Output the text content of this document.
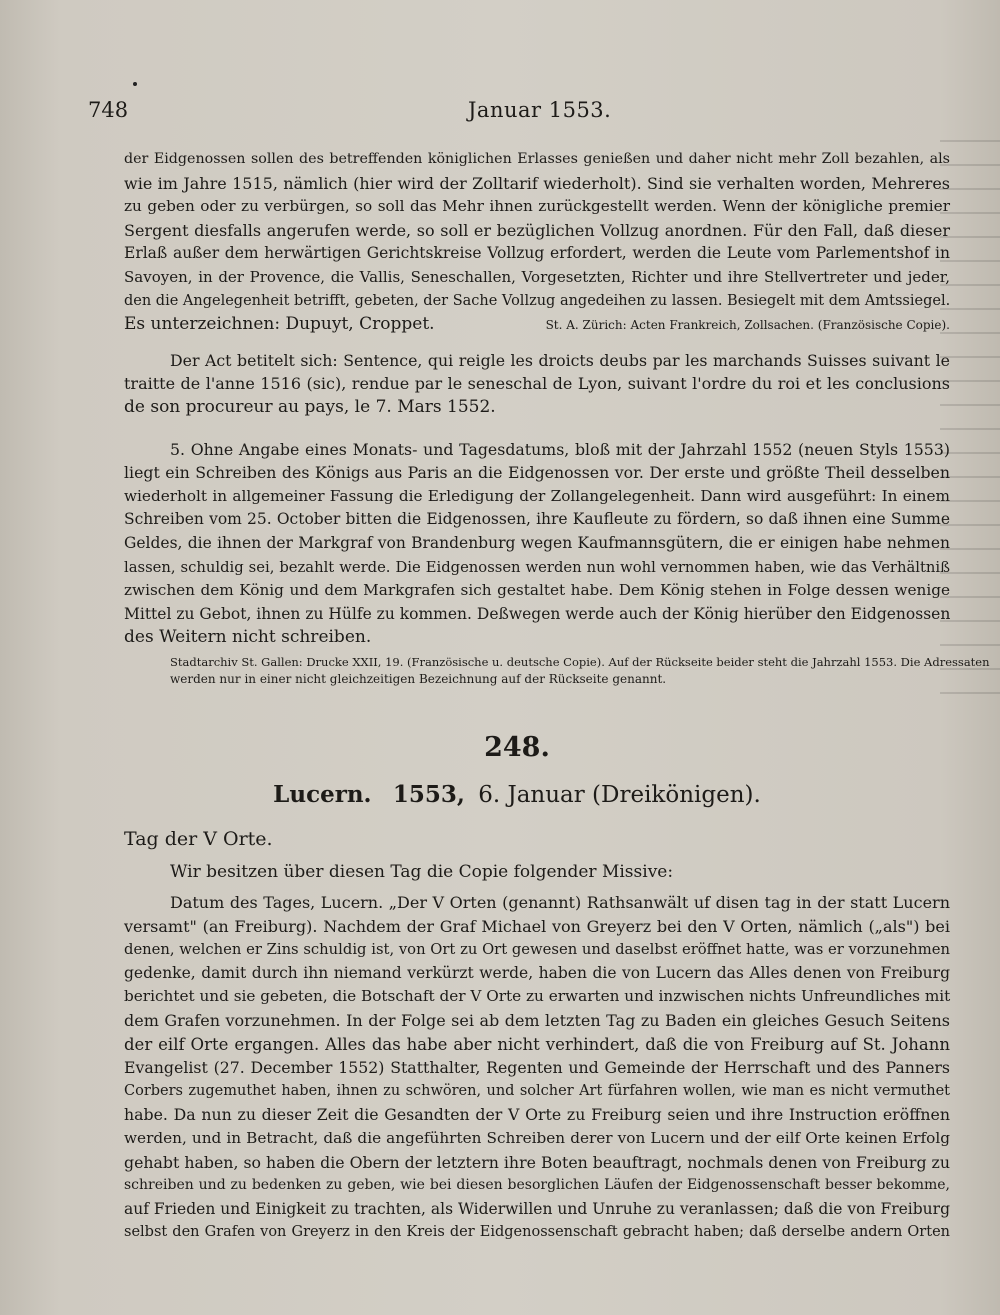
748	Januar 1553.
der Eidgenossen sollen des betreffenden königlichen Erlasses genießen und daher nicht mehr Zoll bezahlen, als
wie im Jahre 1515, nämlich (hier wird der Zolltarif wiederholt). Sind sie verhalten worden, Mehreres
zu geben oder zu verbürgen, so soll das Mehr ihnen zurückgestellt werden. Wenn der königliche premier
Sergent diesfalls angerufen werde, so soll er bezüglichen Vollzug anordnen. Für den Fall, daß dieser
Erlaß außer dem herwärtigen Gerichtskreise Vollzug erfordert, werden die Leute vom Parlementshof in
Savoyen, in der Provence, die Vallis, Seneschallen, Vorgesetzten, Richter und ihre Stellvertreter und jeder,
den die Angelegenheit betrifft, gebeten, der Sache Vollzug angedeihen zu lassen. Besiegelt mit dem Amtssiegel.
Es unterzeichnen: Dupuyt, Croppet.	St. A. Zürich: Acten Frankreich, Zollsachen. (Französische Copie).
Der Act betitelt sich: Sentence, qui reigle les droicts deubs par les marchands Suisses suivant le
traitte de l'anne 1516 (sic), rendue par le seneschal de Lyon, suivant l'ordre du roi et les conclusions
de son procureur au pays, le 7. Mars 1552.
5. Ohne Angabe eines Monats- und Tagesdatums, bloß mit der Jahrzahl 1552 (neuen Styls 1553)
liegt ein Schreiben des Königs aus Paris an die Eidgenossen vor. Der erste und größte Theil desselben
wiederholt in allgemeiner Fassung die Erledigung der Zollangelegenheit. Dann wird ausgeführt: In einem
Schreiben vom 25. October bitten die Eidgenossen, ihre Kaufleute zu fördern, so daß ihnen eine Summe
Geldes, die ihnen der Markgraf von Brandenburg wegen Kaufmannsgütern, die er einigen habe nehmen
lassen, schuldig sei, bezahlt werde. Die Eidgenossen werden nun wohl vernommen haben, wie das Verhältniß
zwischen dem König und dem Markgrafen sich gestaltet habe. Dem König stehen in Folge dessen wenige
Mittel zu Gebot, ihnen zu Hülfe zu kommen. Deßwegen werde auch der König hierüber den Eidgenossen
des Weitern nicht schreiben.
Stadtarchiv St. Gallen: Drucke XXII, 19. (Französische u. deutsche Copie). Auf der Rückseite beider steht die Jahrzahl 1553. Die Adressaten
werden nur in einer nicht gleichzeitigen Bezeichnung auf der Rückseite genannt.
248.
Lucern. 1553, 6. Januar (Dreikönigen).
Tag der V Orte.
Wir besitzen über diesen Tag die Copie folgender Missive:
Datum des Tages, Lucern. „Der V Orten (genannt) Rathsanwält uf disen tag in der statt Lucern
versamt" (an Freiburg). Nachdem der Graf Michael von Greyerz bei den V Orten, nämlich („als") bei
denen, welchen er Zins schuldig ist, von Ort zu Ort gewesen und daselbst eröffnet hatte, was er vorzunehmen
gedenke, damit durch ihn niemand verkürzt werde, haben die von Lucern das Alles denen von Freiburg
berichtet und sie gebeten, die Botschaft der V Orte zu erwarten und inzwischen nichts Unfreundliches mit
dem Grafen vorzunehmen. In der Folge sei ab dem letzten Tag zu Baden ein gleiches Gesuch Seitens
der eilf Orte ergangen. Alles das habe aber nicht verhindert, daß die von Freiburg auf St. Johann
Evangelist (27. December 1552) Statthalter, Regenten und Gemeinde der Herrschaft und des Panners
Corbers zugemuthet haben, ihnen zu schwören, und solcher Art fürfahren wollen, wie man es nicht vermuthet
habe. Da nun zu dieser Zeit die Gesandten der V Orte zu Freiburg seien und ihre Instruction eröffnen
werden, und in Betracht, daß die angeführten Schreiben derer von Lucern und der eilf Orte keinen Erfolg
gehabt haben, so haben die Obern der letztern ihre Boten beauftragt, nochmals denen von Freiburg zu
schreiben und zu bedenken zu geben, wie bei diesen besorglichen Läufen der Eidgenossenschaft besser bekomme,
auf Frieden und Einigkeit zu trachten, als Widerwillen und Unruhe zu veranlassen; daß die von Freiburg
selbst den Grafen von Greyerz in den Kreis der Eidgenossenschaft gebracht haben; daß derselbe andern Orten
